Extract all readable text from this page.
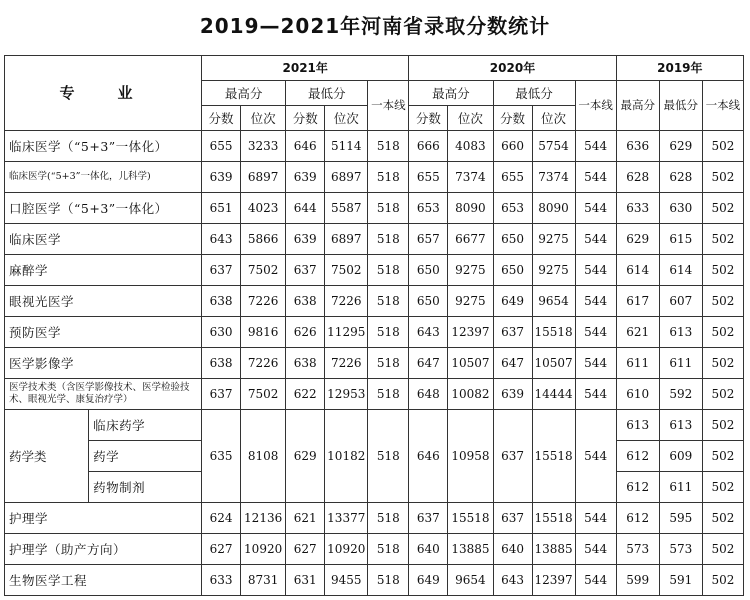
2019—2021年河南省录取分数统计
专　业		2021年					2020年					2019年		
		最高分		最低分		一本线	最高分		最低分		一本线	最高分	最低分	一本线
		分数	位次	分数	位次		分数	位次	分数	位次				
临床医学（“5+3”一体化）		655	3233	646	5114	518	666	4083	660	5754	544	636	629	502
临床医学(“5+3”一体化，儿科学)		639	6897	639	6897	518	655	7374	655	7374	544	628	628	502
口腔医学（“5+3”一体化）		651	4023	644	5587	518	653	8090	653	8090	544	633	630	502
临床医学		643	5866	639	6897	518	657	6677	650	9275	544	629	615	502
麻醉学		637	7502	637	7502	518	650	9275	650	9275	544	614	614	502
眼视光医学		638	7226	638	7226	518	650	9275	649	9654	544	617	607	502
预防医学		630	9816	626	11295	518	643	12397	637	15518	544	621	613	502
医学影像学		638	7226	638	7226	518	647	10507	647	10507	544	611	611	502
医学技术类（含医学影像技术、医学检验技术、眼视光学、康复治疗学）		637	7502	622	12953	518	648	10082	639	14444	544	610	592	502
药学类	临床药学	635	8108	629	10182	518	646	10958	637	15518	544	613	613	502
	药学											612	609	502
	药物制剂											612	611	502
护理学		624	12136	621	13377	518	637	15518	637	15518	544	612	595	502
护理学（助产方向）		627	10920	627	10920	518	640	13885	640	13885	544	573	573	502
生物医学工程		633	8731	631	9455	518	649	9654	643	12397	544	599	591	502
